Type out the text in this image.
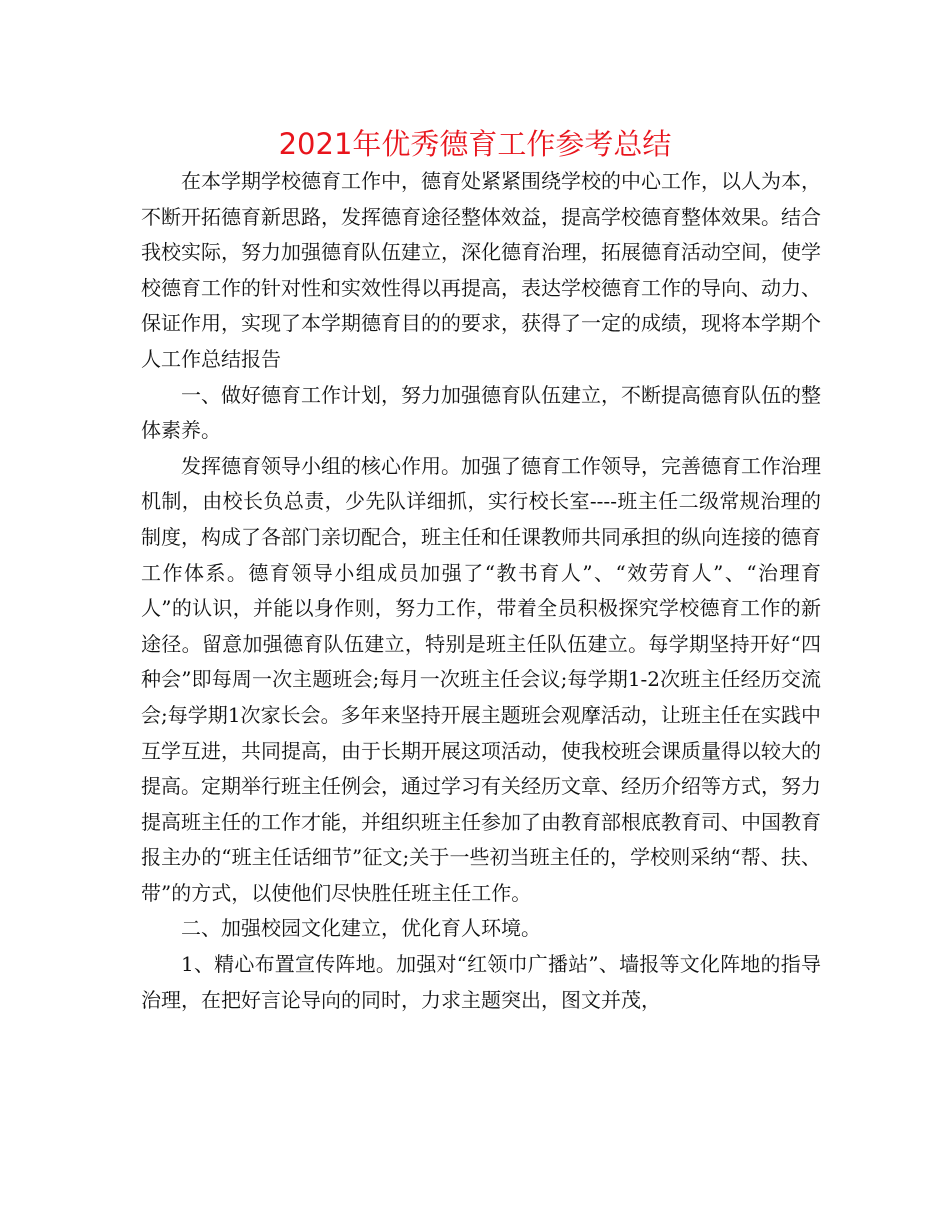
2021年优秀德育工作参考总结

在本学期学校德育工作中，德育处紧紧围绕学校的中心工作，以人为本，不断开拓德育新思路，发挥德育途径整体效益，提高学校德育整体效果。结合我校实际，努力加强德育队伍建立，深化德育治理，拓展德育活动空间，使学校德育工作的针对性和实效性得以再提高，表达学校德育工作的导向、动力、保证作用，实现了本学期德育目的的要求，获得了一定的成绩，现将本学期个人工作总结报告

一、做好德育工作计划，努力加强德育队伍建立，不断提高德育队伍的整体素养。

发挥德育领导小组的核心作用。加强了德育工作领导，完善德育工作治理机制，由校长负总责，少先队详细抓，实行校长室----班主任二级常规治理的制度，构成了各部门亲切配合，班主任和任课教师共同承担的纵向连接的德育工作体系。德育领导小组成员加强了“教书育人”、“效劳育人”、“治理育人”的认识，并能以身作则，努力工作，带着全员积极探究学校德育工作的新途径。留意加强德育队伍建立，特别是班主任队伍建立。每学期坚持开好“四种会”即每周一次主题班会;每月一次班主任会议;每学期1-2次班主任经历交流会;每学期1次家长会。多年来坚持开展主题班会观摩活动，让班主任在实践中互学互进，共同提高，由于长期开展这项活动，使我校班会课质量得以较大的提高。定期举行班主任例会，通过学习有关经历文章、经历介绍等方式，努力提高班主任的工作才能，并组织班主任参加了由教育部根底教育司、中国教育报主办的“班主任话细节”征文;关于一些初当班主任的，学校则采纳“帮、扶、带”的方式，以使他们尽快胜任班主任工作。

二、加强校园文化建立，优化育人环境。

1、精心布置宣传阵地。加强对“红领巾广播站”、墙报等文化阵地的指导治理，在把好言论导向的同时，力求主题突出，图文并茂，
